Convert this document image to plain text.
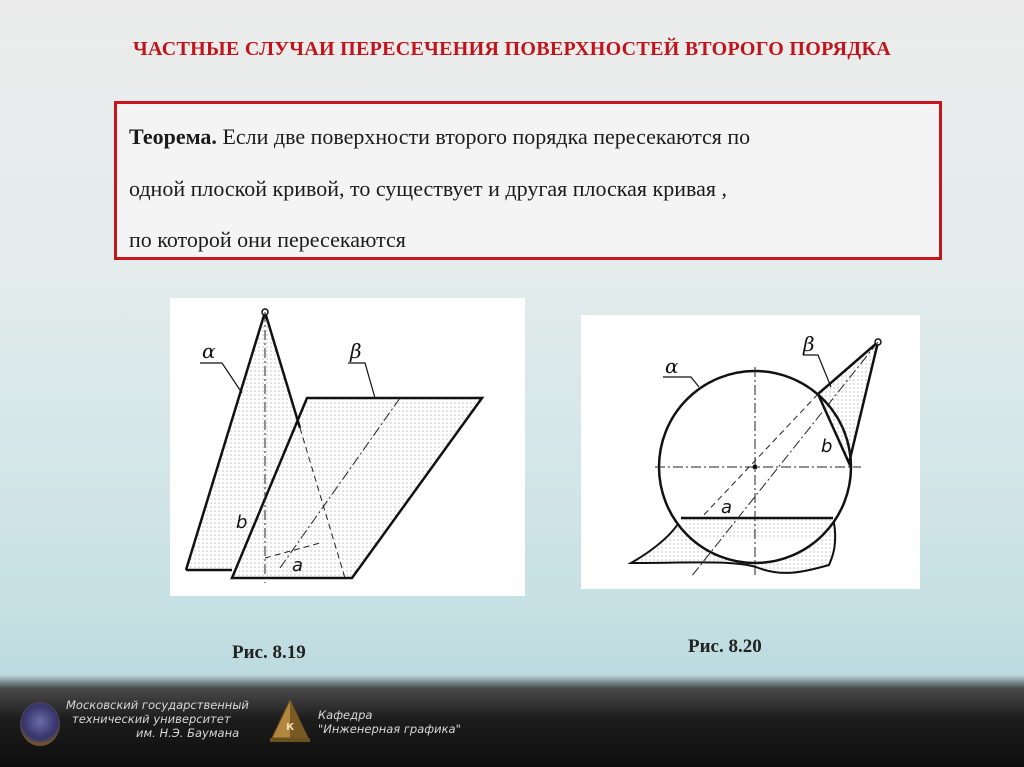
ЧАСТНЫЕ СЛУЧАИ ПЕРЕСЕЧЕНИЯ ПОВЕРХНОСТЕЙ ВТОРОГО ПОРЯДКА
Теорема. Если две поверхности второго порядка пересекаются по
одной плоской кривой, то существует и другая плоская кривая ,
по которой они пересекаются
α	β
b
a
α
β
b
a
Рис. 8.19	Рис. 8.20
Московский государственный
технический университет
им. Н.Э. Баумана	К
Кафедра
"Инженерная графика"
